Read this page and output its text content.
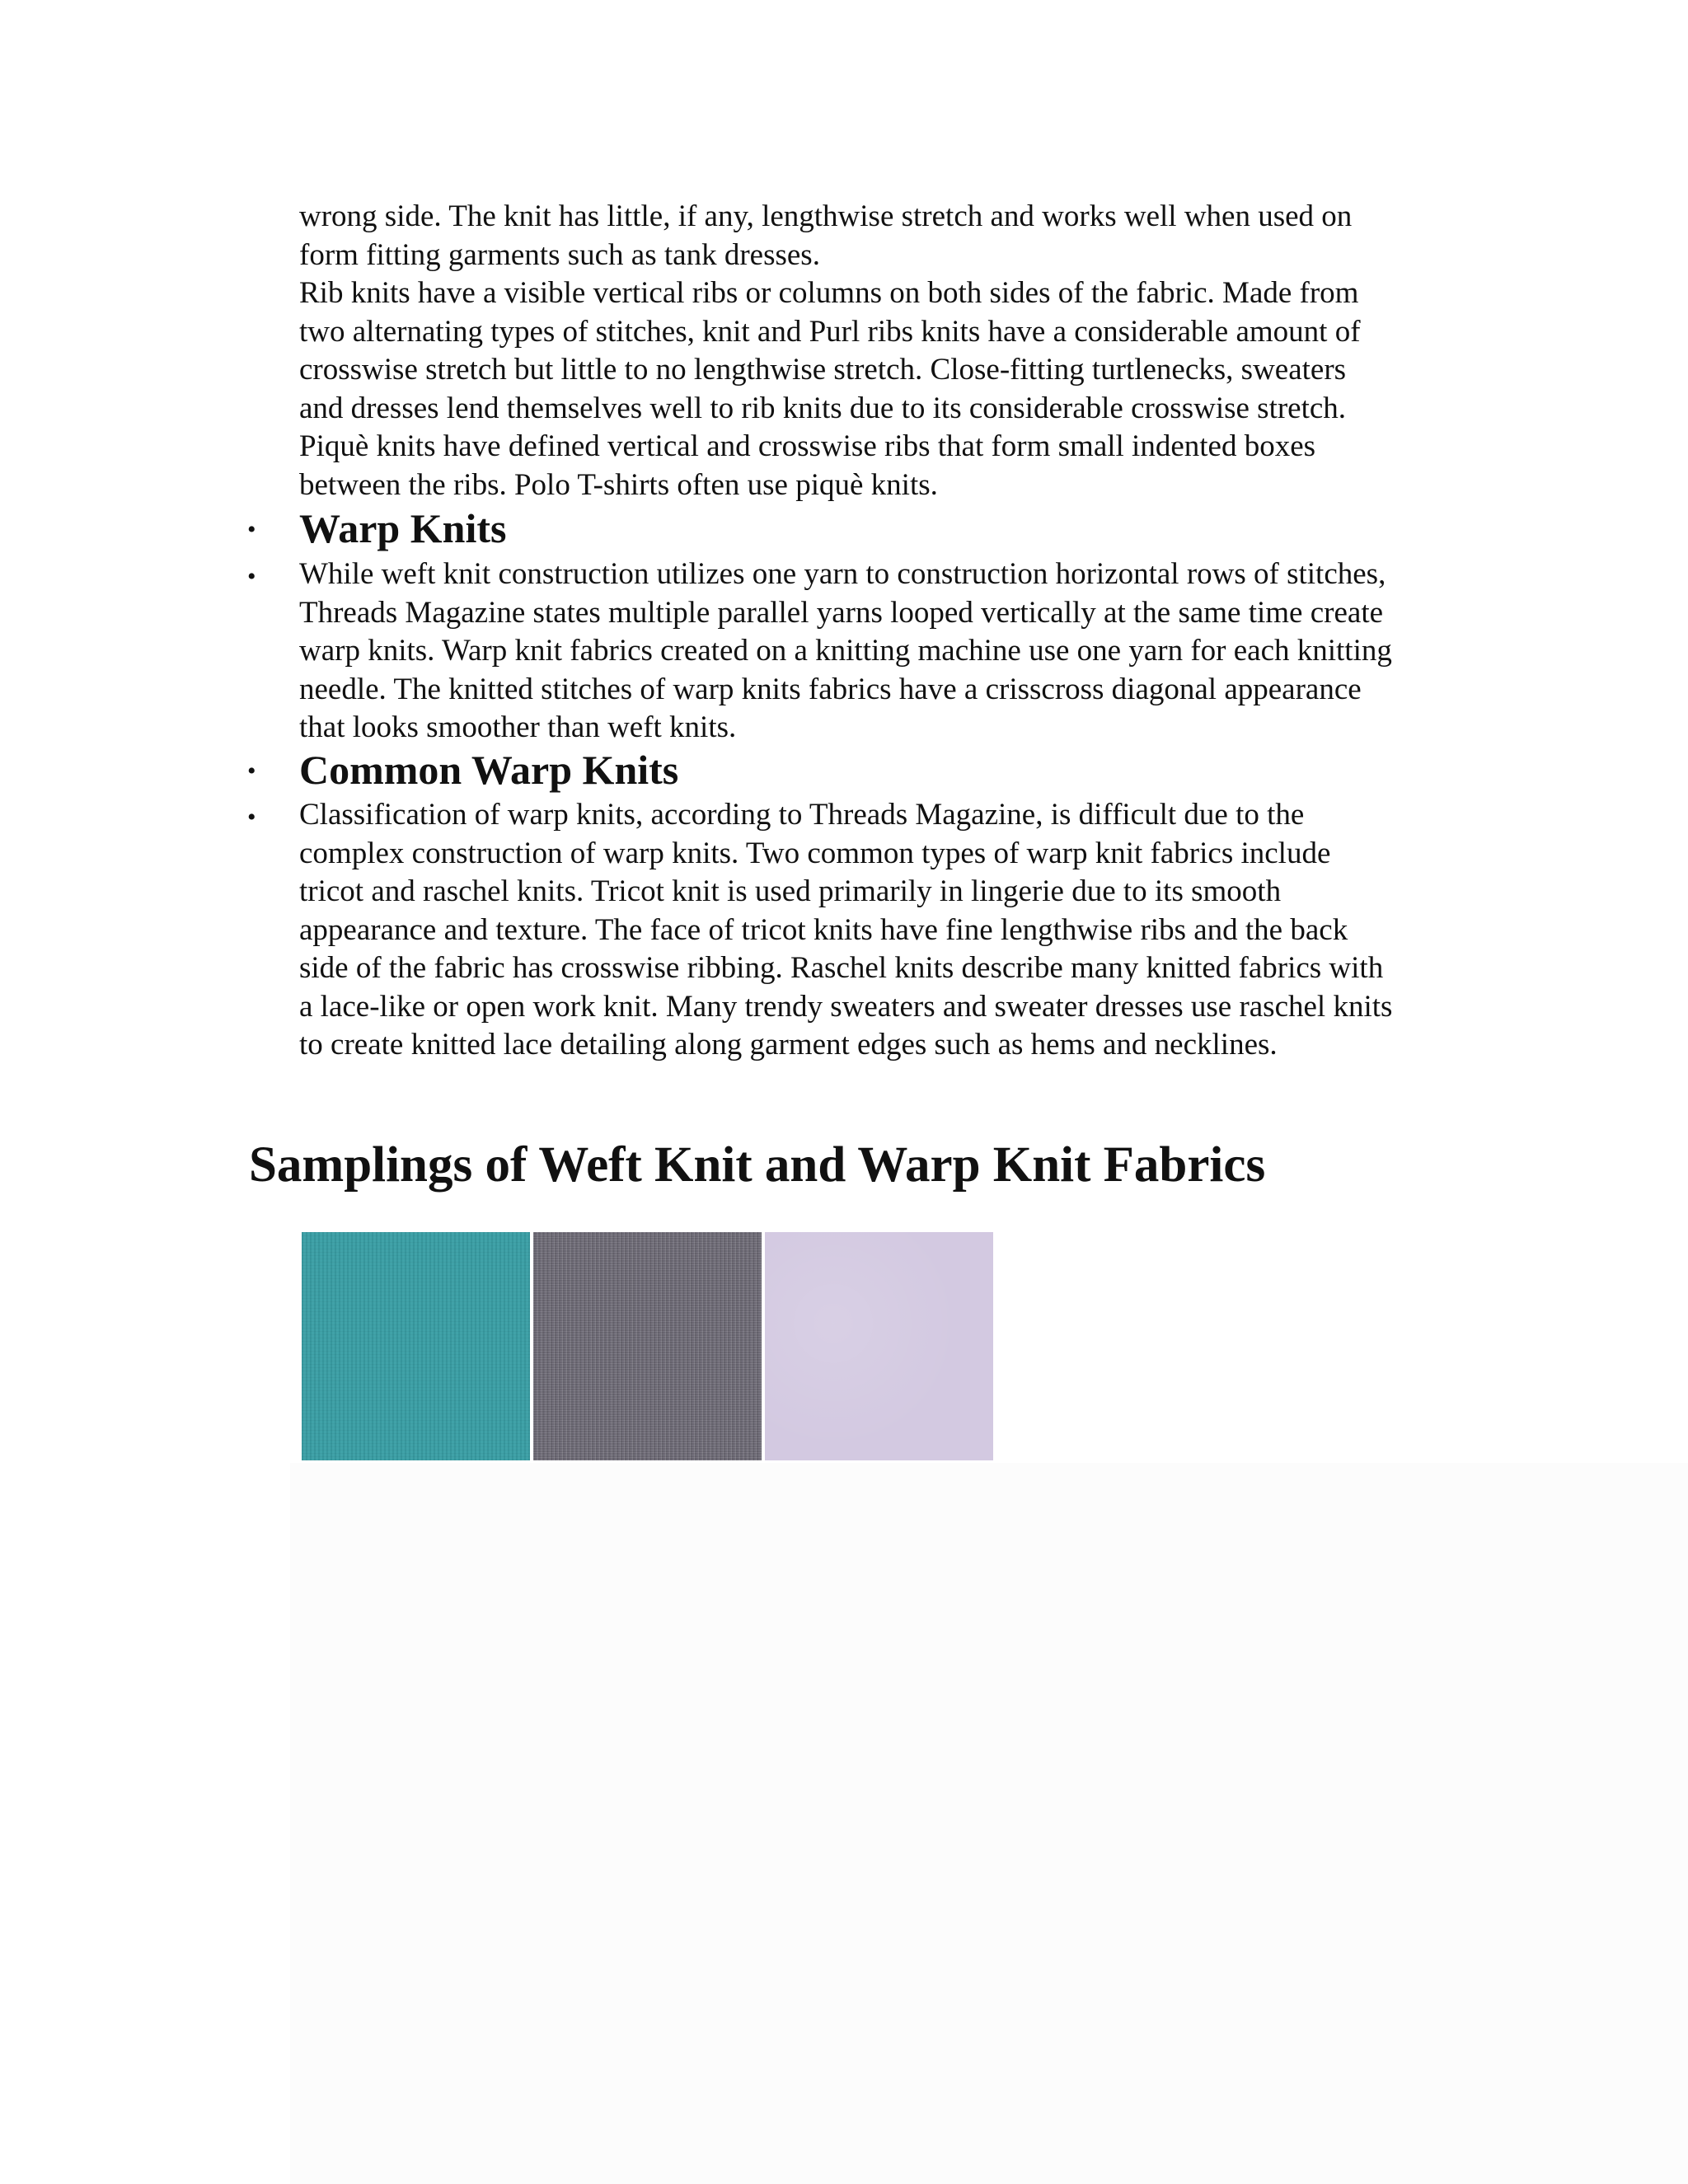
wrong side. The knit has little, if any, lengthwise stretch and works well when used on
form fitting garments such as tank dresses.

Rib knits have a visible vertical ribs or columns on both sides of the fabric. Made from
two alternating types of stitches, knit and Purl ribs knits have a considerable amount of
crosswise stretch but little to no lengthwise stretch. Close-fitting turtlenecks, sweaters
and dresses lend themselves well to rib knits due to its considerable crosswise stretch.

Piquè knits have defined vertical and crosswise ribs that form small indented boxes
between the ribs. Polo T-shirts often use piquè knits.

• Warp Knits
• While weft knit construction utilizes one yarn to construction horizontal rows of stitches,
Threads Magazine states multiple parallel yarns looped vertically at the same time create
warp knits. Warp knit fabrics created on a knitting machine use one yarn for each knitting
needle. The knitted stitches of warp knits fabrics have a crisscross diagonal appearance
that looks smoother than weft knits.

• Common Warp Knits
• Classification of warp knits, according to Threads Magazine, is difficult due to the
complex construction of warp knits. Two common types of warp knit fabrics include
tricot and raschel knits. Tricot knit is used primarily in lingerie due to its smooth
appearance and texture. The face of tricot knits have fine lengthwise ribs and the back
side of the fabric has crosswise ribbing. Raschel knits describe many knitted fabrics with
a lace-like or open work knit. Many trendy sweaters and sweater dresses use raschel knits
to create knitted lace detailing along garment edges such as hems and necklines.

Samplings of Weft Knit and Warp Knit Fabrics
